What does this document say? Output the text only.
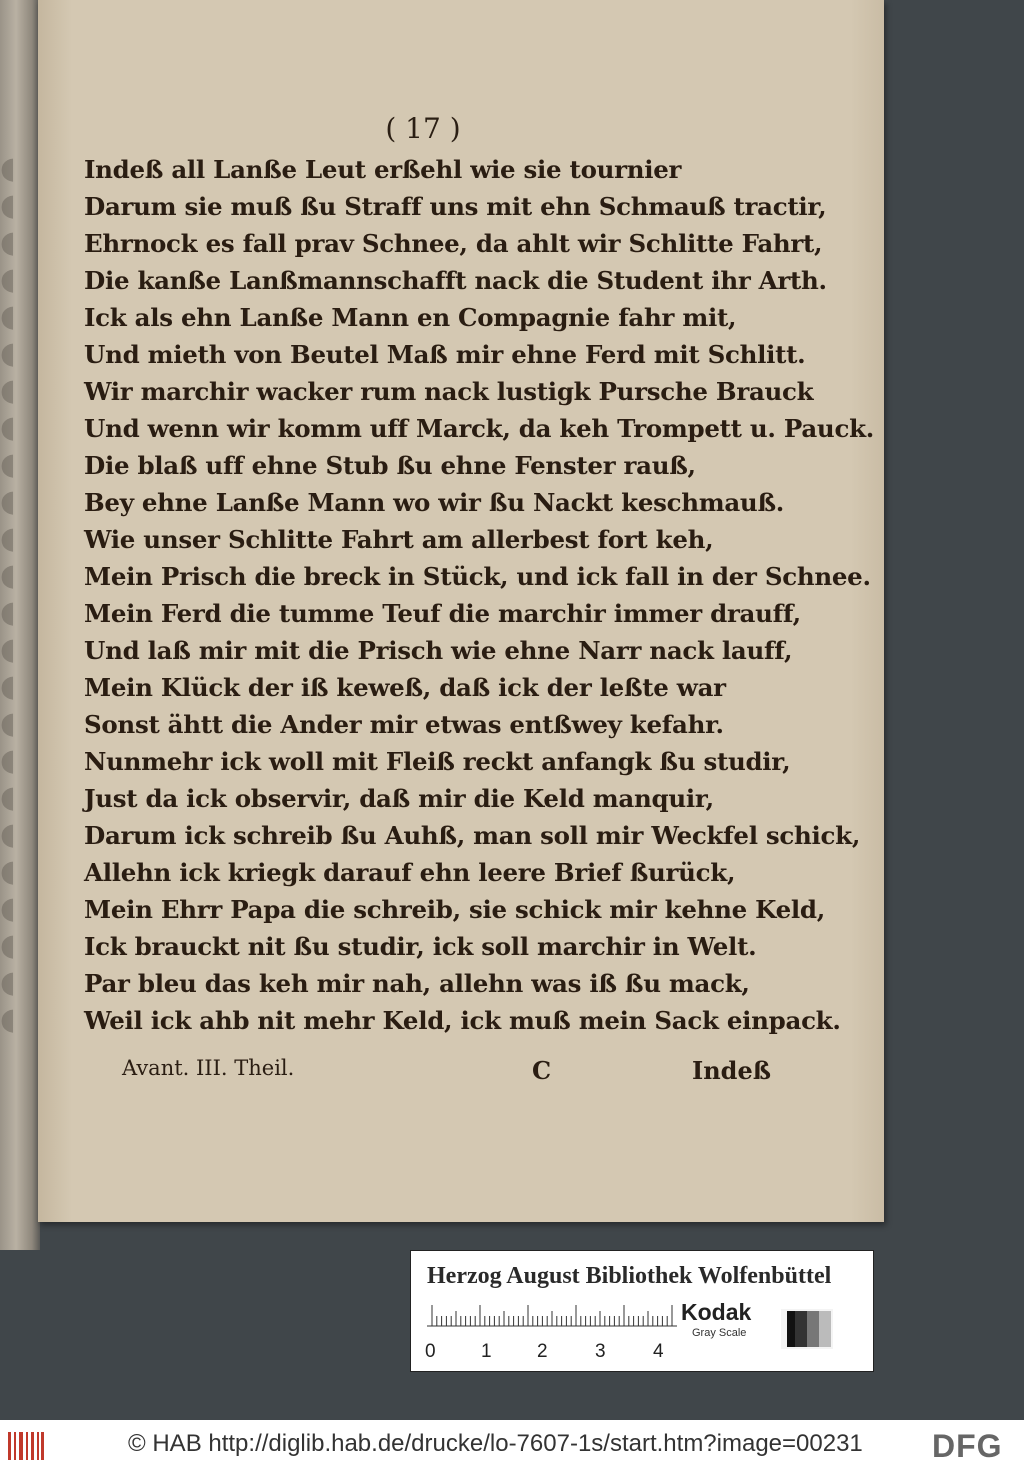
◖
◖
◖
◖
◖
◖
◖
◖
◖
◖
◖
◖
◖
◖
◖
◖
◖
◖
◖
◖
◖
◖
◖
◖
( 17 )
Indeß all Lanße Leut erßehl wie sie tournier
Darum sie muß ßu Straff uns mit ehn Schmauß tractir,
Ehrnock es fall prav Schnee, da ahlt wir Schlitte Fahrt,
Die kanße Lanßmannschafft nack die Student ihr Arth.
Ick als ehn Lanße Mann en Compagnie fahr mit,
Und mieth von Beutel Maß mir ehne Ferd mit Schlitt.
Wir marchir wacker rum nack lustigk Pursche Brauck
Und wenn wir komm uff Marck, da keh Trompett u. Pauck.
Die blaß uff ehne Stub ßu ehne Fenster rauß,
Bey ehne Lanße Mann wo wir ßu Nackt keschmauß.
Wie unser Schlitte Fahrt am allerbest fort keh,
Mein Prisch die breck in Stück, und ick fall in der Schnee.
Mein Ferd die tumme Teuf die marchir immer drauff,
Und laß mir mit die Prisch wie ehne Narr nack lauff,
Mein Klück der iß keweß, daß ick der leßte war
Sonst ähtt die Ander mir etwas entßwey kefahr.
Nunmehr ick woll mit Fleiß reckt anfangk ßu studir,
Just da ick observir, daß mir die Keld manquir,
Darum ick schreib ßu Auhß, man soll mir Weckfel schick,
Allehn ick kriegk darauf ehn leere Brief ßurück,
Mein Ehrr Papa die schreib, sie schick mir kehne Keld,
Ick brauckt nit ßu studir, ick soll marchir in Welt.
Par bleu das keh mir nah, allehn was iß ßu mack,
Weil ick ahb nit mehr Keld, ick muß mein Sack einpack.
Avant. III. Theil.	C	Indeß
Herzog August Bibliothek Wolfenbüttel
0 1 2 3 4
Kodak
Gray Scale
© HAB http://diglib.hab.de/drucke/lo-7607-1s/start.htm?image=00231 DFG
